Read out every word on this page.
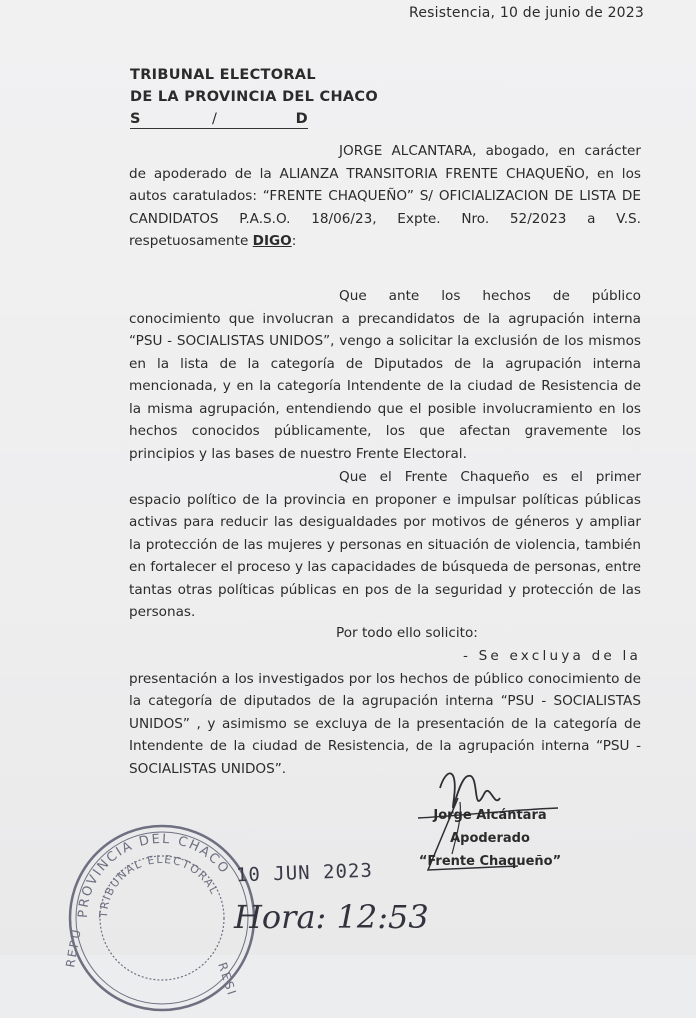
Resistencia, 10 de junio de 2023
TRIBUNAL ELECTORAL
DE LA PROVINCIA DEL CHACO
S	/	D
JORGE ALCANTARA, abogado, en carácter de apoderado de la ALIANZA TRANSITORIA FRENTE CHAQUEÑO, en los autos caratulados: “FRENTE CHAQUEÑO” S/ OFICIALIZACION DE LISTA DE CANDIDATOS P.A.S.O. 18/06/23, Expte. Nro. 52/2023 a V.S. respetuosamente DIGO:
Que ante los hechos de público conocimiento que involucran a precandidatos de la agrupación interna “PSU - SOCIALISTAS UNIDOS”, vengo a solicitar la exclusión de los mismos en la lista de la categoría de Diputados de la agrupación interna mencionada, y en la categoría Intendente de la ciudad de Resistencia de la misma agrupación, entendiendo que el posible involucramiento en los hechos conocidos públicamente, los que afectan gravemente los principios y las bases de nuestro Frente Electoral.
Que el Frente Chaqueño es el primer espacio político de la provincia en proponer e impulsar políticas públicas activas para reducir las desigualdades por motivos de géneros y ampliar la protección de las mujeres y personas en situación de violencia, también en fortalecer el proceso y las capacidades de búsqueda de personas, entre tantas otras políticas públicas en pos de la seguridad y protección de las personas.
Por todo ello solicito:
- Se excluya de la
presentación a los investigados por los hechos de público conocimiento de la categoría de diputados de la agrupación interna “PSU - SOCIALISTAS UNIDOS” , y asimismo se excluya de la presentación de la categoría de Intendente de la ciudad de Resistencia, de la agrupación interna “PSU - SOCIALISTAS UNIDOS”.
Jorge Alcántara
Apoderado
“Frente Chaqueño”
PROVINCIA DEL CHACO
TRIBUNAL ELECTORAL
REPU
RESI
10 JUN 2023
Hora: 12:53
